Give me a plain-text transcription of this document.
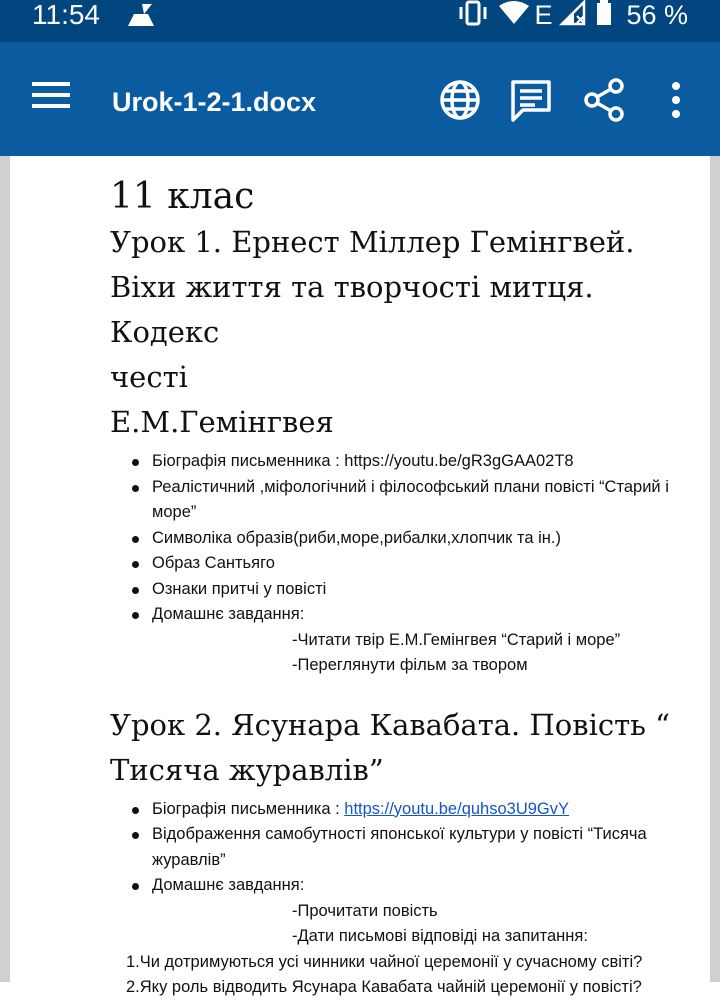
11:54	E	56 %
Urok-1-2-1.docx
11 клас
Урок 1. Ернест Міллер Гемінгвей.
Віхи життя та творчості митця. Кодекс
честі
Е.М.Гемінгвея
Біографія письменника : https://youtu.be/gR3gGAA02T8
Реалістичний ,міфологічний і філософський плани повісті “Старий і море”
Символіка образів(риби,море,рибалки,хлопчик та ін.)
Образ Сантьяго
Ознаки притчі у повісті
Домашнє завдання:
-Читати твір Е.М.Гемінгвея “Старий і море”
-Переглянути фільм за твором
Урок 2. Ясунара Кавабата. Повість “
Тисяча журавлів”
Біографія письменника : https://youtu.be/quhso3U9GvY
Відображення самобутності японської культури у повісті “Тисяча журавлів”
Домашнє завдання:
-Прочитати повість
-Дати письмові відповіді на запитання:
1.Чи дотримуються усі чинники чайної церемонії у сучасному світі?
2.Яку роль відводить Ясунара Кавабата чайній церемонії у повісті?
